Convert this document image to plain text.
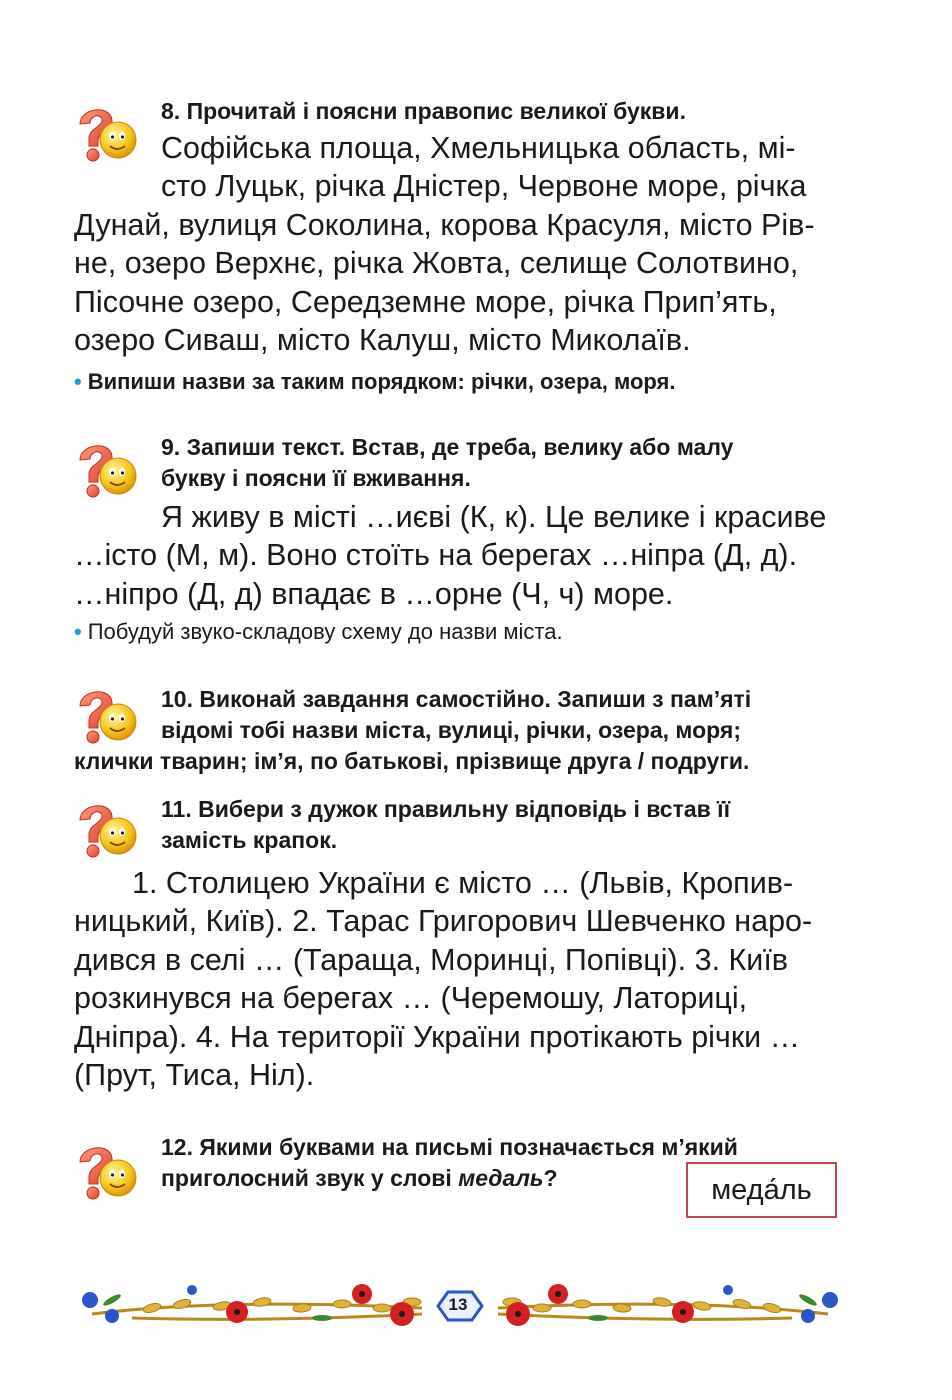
8. Прочитай і поясни правопис великої букви.
Софійська площа, Хмельницька область, мі-
сто Луцьк, річка Дністер, Червоне море, річка
Дунай, вулиця Соколина, корова Красуля, місто Рів-
не, озеро Верхнє, річка Жовта, селище Солотвино,
Пісочне озеро, Середземне море, річка Прип’ять,
озеро Сиваш, місто Калуш, місто Миколаїв.
• Випиши назви за таким порядком: річки, озера, моря.
9. Запиши текст. Встав, де треба, велику або малу
букву і поясни її вживання.
Я живу в місті …иєві (К, к). Це велике і красиве
…істо (М, м). Воно стоїть на берегах …ніпра (Д, д).
…ніпро (Д, д) впадає в …орне (Ч, ч) море.
• Побудуй звуко-складову схему до назви міста.
10. Виконай завдання самостійно. Запиши з пам’яті
відомі тобі назви міста, вулиці, річки, озера, моря;
клички тварин; ім’я, по батькові, прізвище друга / подруги.
11. Вибери з дужок правильну відповідь і встав її
замість крапок.
1. Столицею України є місто … (Львів, Кропив-
ницький, Київ). 2. Тарас Григорович Шевченко наро-
дився в селі … (Тараща, Моринці, Попівці). 3. Київ
розкинувся на берегах … (Черемошу, Латориці,
Дніпра). 4. На території України протікають річки …
(Прут, Тиса, Ніл).
12. Якими буквами на письмі позначається м’який
приголосний звук у слові медаль?	меда́ль
13
